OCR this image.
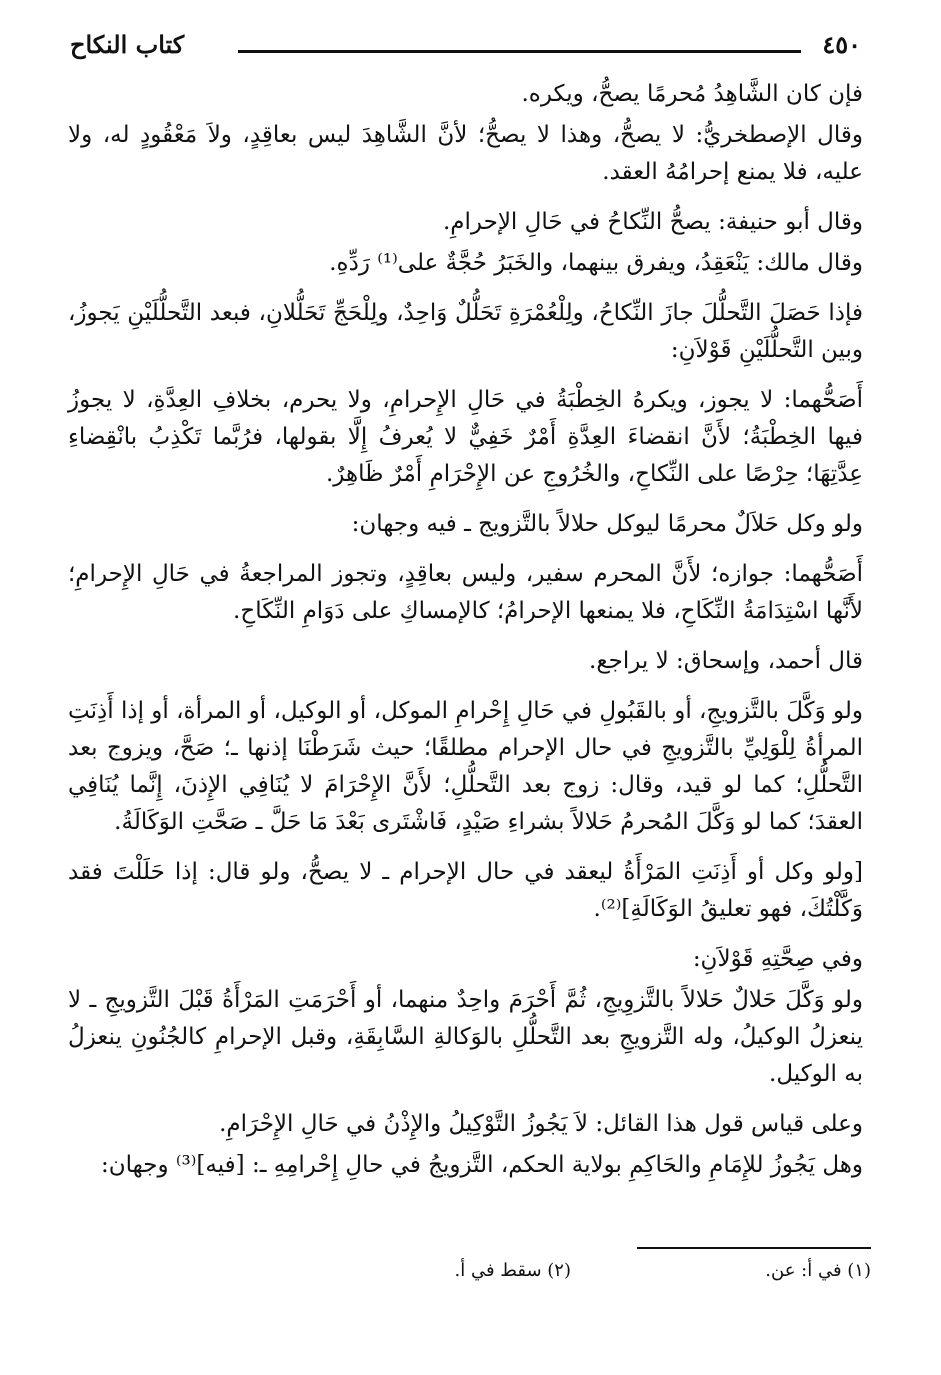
٤٥٠
كتاب النكاح

فإن كان الشَّاهِدُ مُحرمًا يصحُّ، ويكره.

وقال الإصطخريُّ: لا يصحُّ، وهذا لا يصحُّ؛ لأنَّ الشَّاهِدَ ليس بعاقِدٍ، ولاَ مَعْقُودٍ له، ولا عليه، فلا يمنع إحرامُهُ العقد.

وقال أبو حنيفة: يصحُّ النِّكاحُ في حَالِ الإحرامِ.

وقال مالك: يَنْعَقِدُ، ويفرق بينهما، والخَبَرُ حُجَّةٌ على⁽¹⁾ رَدِّهِ.

فإذا حَصَلَ التَّحلُّلَ جازَ النِّكاحُ، ولِلْعُمْرَةِ تَحَلُّلٌ وَاحِدٌ، ولِلْحَجِّ تَحَلُّلانِ، فبعد التَّحلُّلَيْنِ يَجوزُ، وبين التَّحلُّلَيْنِ قَوْلاَنِ:

أَصَحُّهما: لا يجوز، ويكرهُ الخِطْبَةُ في حَالِ الإِحرامِ، ولا يحرم، بخلافِ العِدَّةِ، لا يجوزُ فيها الخِطْبَةُ؛ لأَنَّ انقضاءَ العِدَّةِ أَمْرٌ خَفِيٌّ لا يُعرفُ إِلَّا بقولها، فرُبَّما تَكْذِبُ بانْقِضاءِ عِدَّتِهَا؛ حِرْصًا على النِّكاحِ، والخُرُوجِ عن الإِحْرَامِ أَمْرٌ ظَاهِرٌ.

ولو وكل حَلاَلٌ محرمًا ليوكل حلالاً بالتَّزويج ـ فيه وجهان:

أَصَحُّهما: جوازه؛ لأَنَّ المحرم سفير، وليس بعاقِدٍ، وتجوز المراجعةُ في حَالِ الإِحرامِ؛ لأَنَّها اسْتِدَامَةُ النِّكَاحِ، فلا يمنعها الإحرامُ؛ كالإمساكِ على دَوَامِ النِّكَاحِ.

قال أحمد، وإسحاق: لا يراجع.

ولو وَكَّلَ بالتَّزويجِ، أو بالقَبُولِ في حَالِ إِحْرامِ الموكل، أو الوكيل، أو المرأة، أو إذا أَذِنَتِ المرأةُ لِلْوَلِيِّ بالتَّزويجِ في حال الإحرام مطلقًا؛ حيث شَرَطْنَا إذنها ـ؛ صَحَّ، ويزوج بعد التَّحلُّلِ؛ كما لو قيد، وقال: زوج بعد التَّحلُّلِ؛ لأَنَّ الإِحْرَامَ لا يُنَافِي الإِذنَ، إِنَّما يُنَافِي العقدَ؛ كما لو وَكَّلَ المُحرمُ حَلالاً بشراءِ صَيْدٍ، فَاشْتَرى بَعْدَ مَا حَلَّ ـ صَحَّتِ الوَكَالَةُ.

[ولو وكل أو أَذِنَتِ المَرْأَةُ ليعقد في حال الإحرام ـ لا يصحُّ، ولو قال: إذا حَلَلْتَ فقد وَكَّلْتُكَ، فهو تعليقُ الوَكَالَةِ]⁽²⁾.

وفي صِحَّتِهِ قَوْلاَنِ:

ولو وَكَّلَ حَلالٌ حَلالاً بالتَّزوِيجِ، ثُمَّ أَحْرَمَ واحِدٌ منهما، أو أَحْرَمَتِ المَرْأَةُ قَبْلَ التَّزويجِ ـ لا ينعزلُ الوكيلُ، وله التَّزويجِ بعد التَّحلُّلِ بالوَكالةِ السَّابِقَةِ، وقبل الإحرامِ كالجُنُونِ ينعزلُ به الوكيل.

وعلى قياس قول هذا القائل: لاَ يَجُوزُ التَّوْكِيلُ والإِذْنُ في حَالِ الإِحْرَامِ.

وهل يَجُوزُ للإِمَامِ والحَاكِمِ بولاية الحكم، التَّزويجُ في حالِ إِحْرامِهِ ـ: [فيه]⁽³⁾ وجهان:

(١) في أ: عن.
(٢) سقط في أ.
